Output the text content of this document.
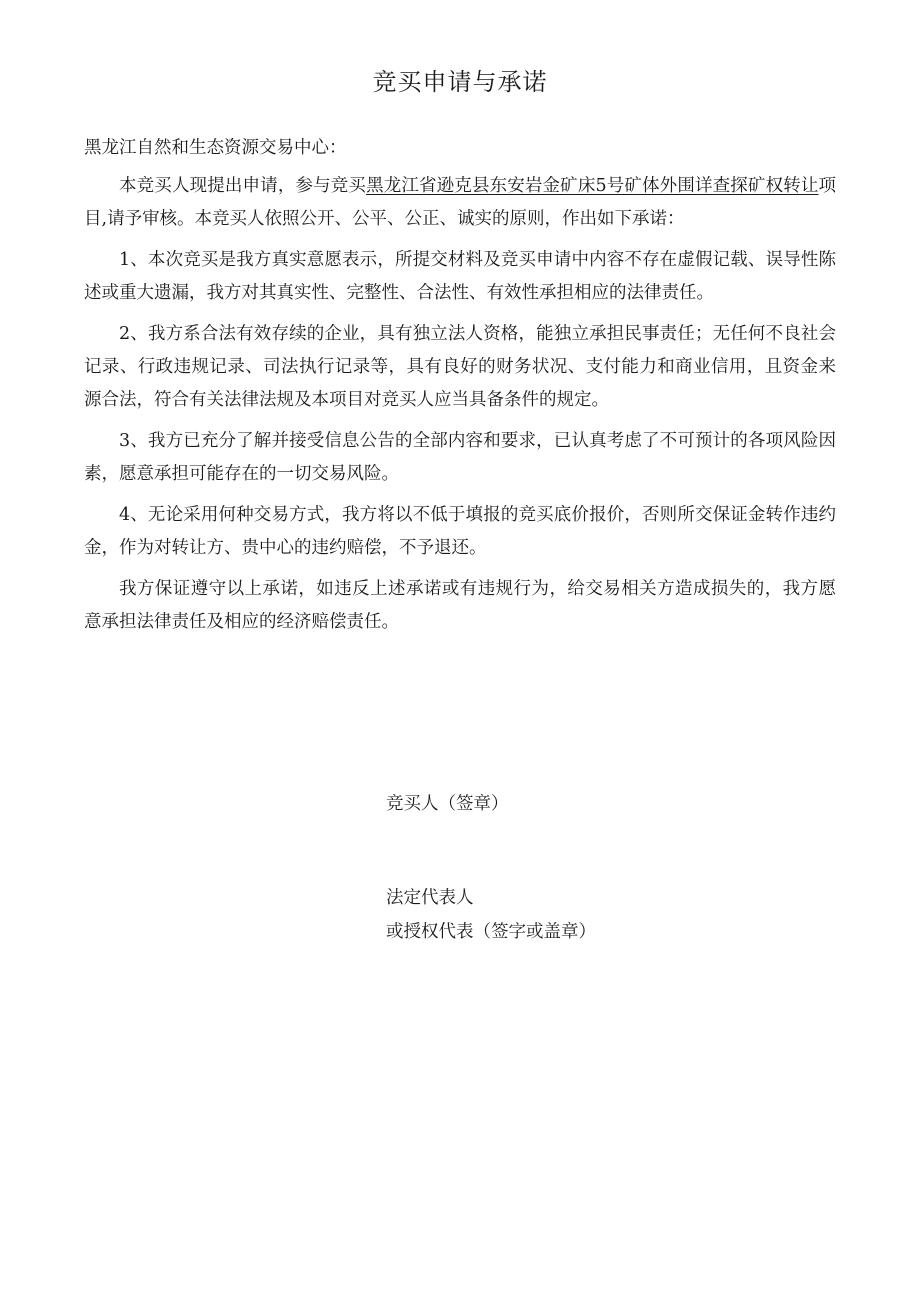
竞买申请与承诺

黑龙江自然和生态资源交易中心：

本竞买人现提出申请，参与竞买黑龙江省逊克县东安岩金矿床5号矿体外围详查探矿权转让项目,请予审核。本竞买人依照公开、公平、公正、诚实的原则，作出如下承诺：

1、本次竞买是我方真实意愿表示，所提交材料及竞买申请中内容不存在虚假记载、误导性陈述或重大遗漏，我方对其真实性、完整性、合法性、有效性承担相应的法律责任。

2、我方系合法有效存续的企业，具有独立法人资格，能独立承担民事责任；无任何不良社会记录、行政违规记录、司法执行记录等，具有良好的财务状况、支付能力和商业信用，且资金来源合法，符合有关法律法规及本项目对竞买人应当具备条件的规定。

3、我方已充分了解并接受信息公告的全部内容和要求，已认真考虑了不可预计的各项风险因素，愿意承担可能存在的一切交易风险。

4、无论采用何种交易方式，我方将以不低于填报的竞买底价报价，否则所交保证金转作违约金，作为对转让方、贵中心的违约赔偿，不予退还。

我方保证遵守以上承诺，如违反上述承诺或有违规行为，给交易相关方造成损失的，我方愿意承担法律责任及相应的经济赔偿责任。

竞买人（签章）

法定代表人

或授权代表（签字或盖章）
